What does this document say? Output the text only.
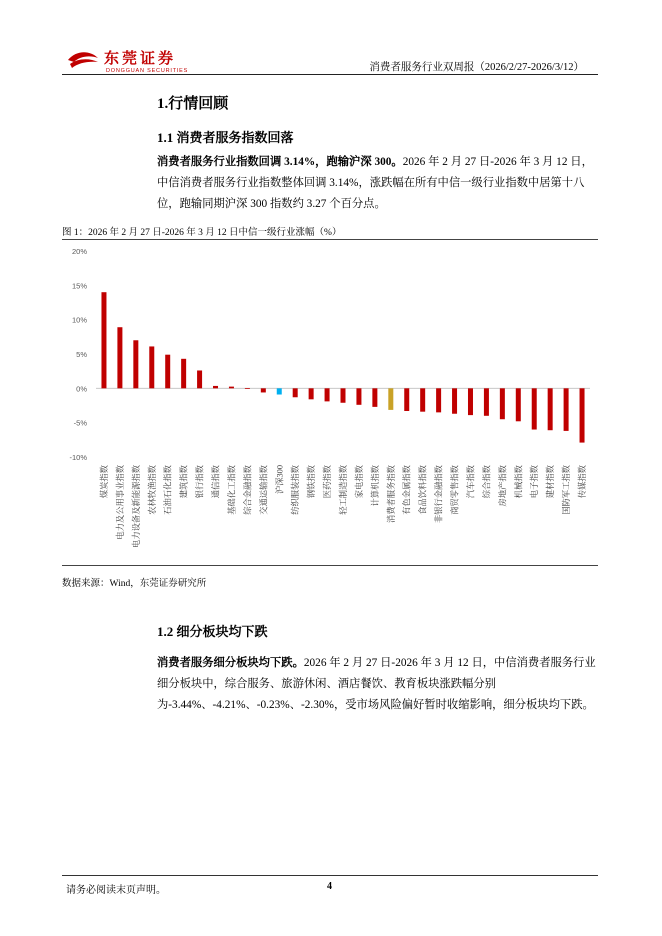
东莞证券
DONGGUAN SECURITIES	消费者服务行业双周报（2026/2/27-2026/3/12）
1.行情回顾
1.1 消费者服务指数回落
消费者服务行业指数回调 3.14%，跑输沪深 300。2026 年 2 月 27 日-2026 年 3 月 12 日，中信消费者服务行业指数整体回调 3.14%，涨跌幅在所有中信一级行业指数中居第十八位，跑输同期沪深 300 指数约 3.27 个百分点。
图 1：2026 年 2 月 27 日-2026 年 3 月 12 日中信一级行业涨幅（%）
20%
15%
10%
5%
0%
-5%
-10%
煤炭指数 电力及公用事业指数 电力设备及新能源指数 农林牧渔指数 石油石化指数 建筑指数 银行指数 通信指数 基础化工指数 综合金融指数 交通运输指数 沪深300 纺织服装指数 钢铁指数 医药指数 轻工制造指数 家电指数 计算机指数 消费者服务指数 有色金属指数 食品饮料指数 非银行金融指数 商贸零售指数 汽车指数 综合指数 房地产指数 机械指数 电子指数 建材指数 国防军工指数 传媒指数
数据来源：Wind，东莞证券研究所
1.2 细分板块均下跌
消费者服务细分板块均下跌。2026 年 2 月 27 日-2026 年 3 月 12 日，中信消费者服务行业细分板块中，综合服务、旅游休闲、酒店餐饮、教育板块涨跌幅分别为-3.44%、-4.21%、-0.23%、-2.30%，受市场风险偏好暂时收缩影响，细分板块均下跌。
请务必阅读末页声明。	4
